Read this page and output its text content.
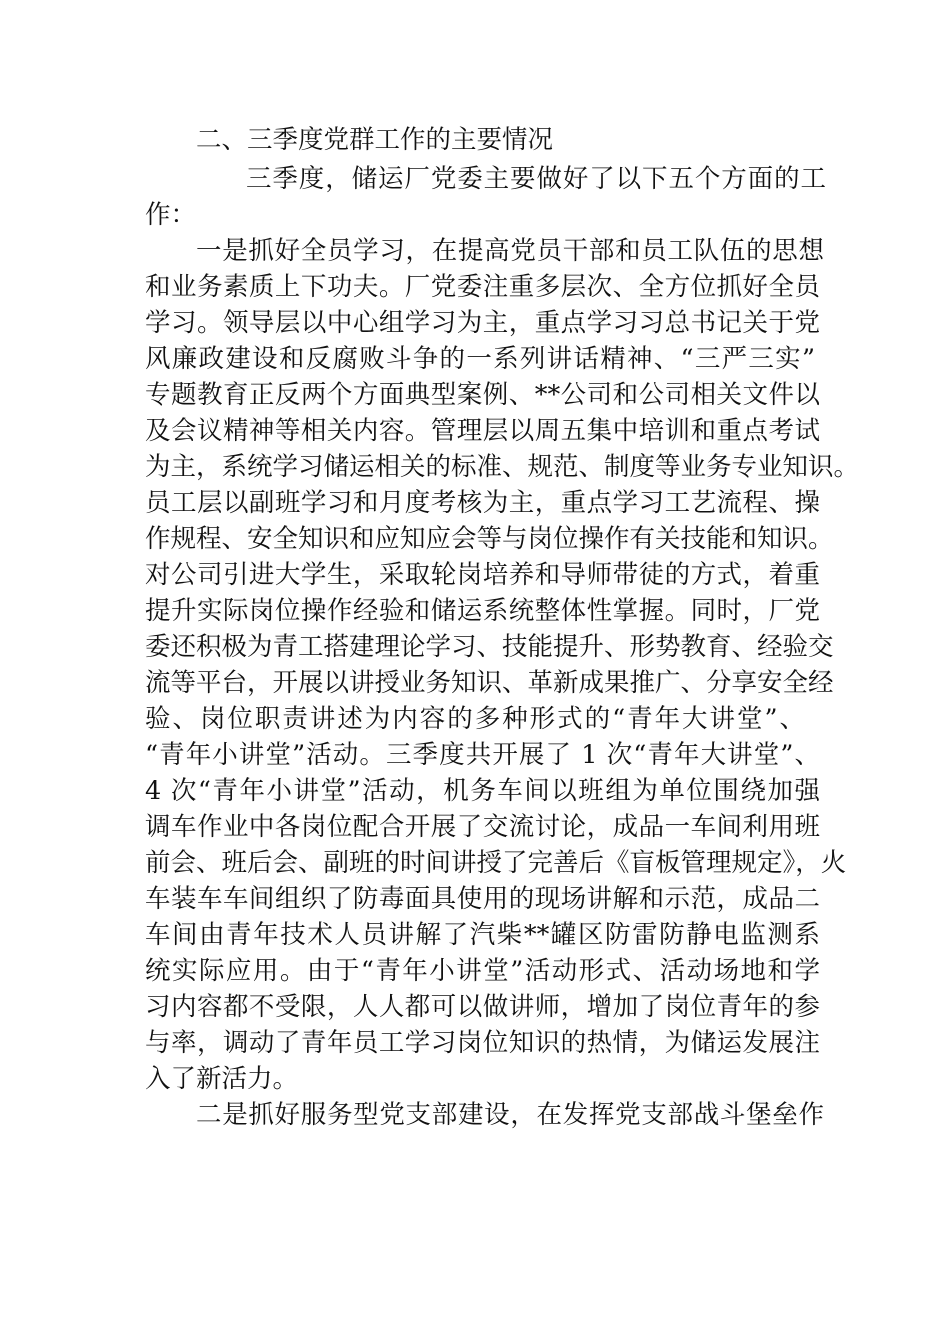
二、三季度党群工作的主要情况
三季度，储运厂党委主要做好了以下五个方面的工
作：
一是抓好全员学习，在提高党员干部和员工队伍的思想
和业务素质上下功夫。厂党委注重多层次、全方位抓好全员
学习。领导层以中心组学习为主，重点学习习总书记关于党
风廉政建设和反腐败斗争的一系列讲话精神、“三严三实”
专题教育正反两个方面典型案例、**公司和公司相关文件以
及会议精神等相关内容。管理层以周五集中培训和重点考试
为主，系统学习储运相关的标准、规范、制度等业务专业知识。
员工层以副班学习和月度考核为主，重点学习工艺流程、操
作规程、安全知识和应知应会等与岗位操作有关技能和知识。
对公司引进大学生，采取轮岗培养和导师带徒的方式，着重
提升实际岗位操作经验和储运系统整体性掌握。同时，厂党
委还积极为青工搭建理论学习、技能提升、形势教育、经验交
流等平台，开展以讲授业务知识、革新成果推广、分享安全经
验、岗位职责讲述为内容的多种形式的“青年大讲堂”、
“青年小讲堂”活动。三季度共开展了 1 次“青年大讲堂”、
4 次“青年小讲堂”活动，机务车间以班组为单位围绕加强
调车作业中各岗位配合开展了交流讨论，成品一车间利用班
前会、班后会、副班的时间讲授了完善后《盲板管理规定》，火
车装车车间组织了防毒面具使用的现场讲解和示范，成品二
车间由青年技术人员讲解了汽柴**罐区防雷防静电监测系
统实际应用。由于“青年小讲堂”活动形式、活动场地和学
习内容都不受限，人人都可以做讲师，增加了岗位青年的参
与率，调动了青年员工学习岗位知识的热情，为储运发展注
入了新活力。
二是抓好服务型党支部建设，在发挥党支部战斗堡垒作
